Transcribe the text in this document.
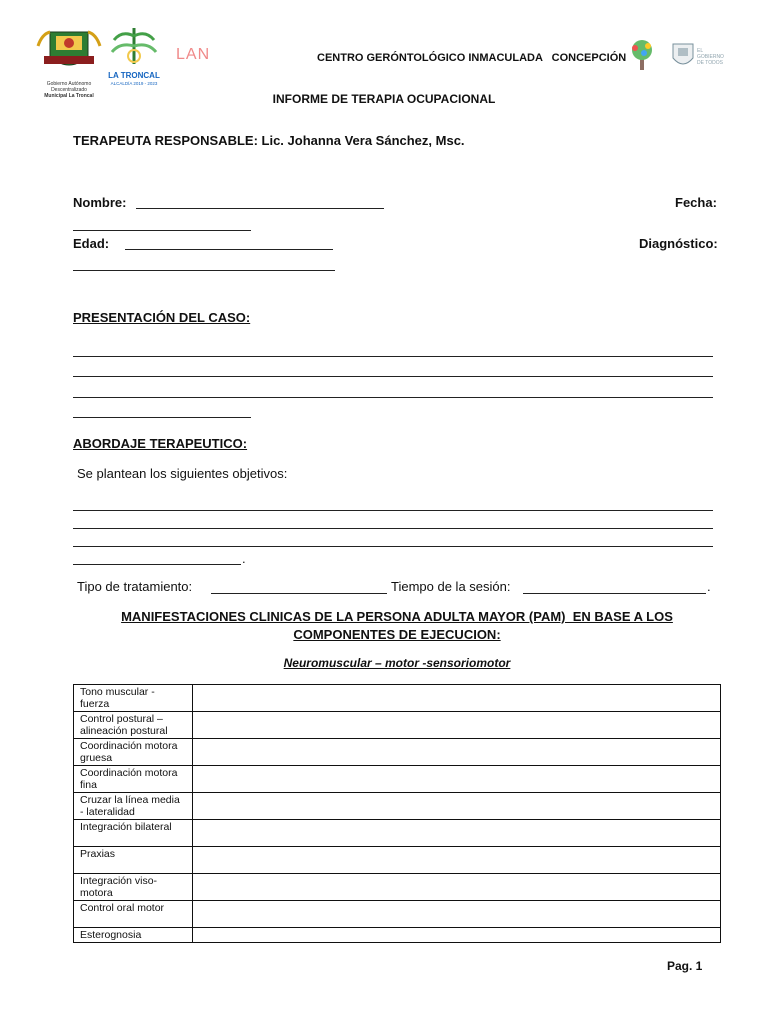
Gobierno Autónomo Descentralizado
Municipal La Troncal
LA TRONCAL
ALCALDÍA 2019 - 2023
LAN	CENTRO GERÓNTOLÓGICO INMACULADA   CONCEPCIÓN
EL GOBIERNO DE TODOS
INFORME DE TERAPIA OCUPACIONAL
TERAPEUTA RESPONSABLE: Lic. Johanna Vera Sánchez, Msc.
Nombre:	Fecha:
Edad:	Diagnóstico:
PRESENTACIÓN DEL CASO:
ABORDAJE TERAPEUTICO:
Se plantean los siguientes objetivos:
.
Tipo de tratamiento:	Tiempo de la sesión:	.
MANIFESTACIONES CLINICAS DE LA PERSONA ADULTA MAYOR (PAM)  EN BASE A LOS
COMPONENTES DE EJECUCION:
Neuromuscular – motor -sensoriomotor
Tono muscular -
fuerza	

Control postural –
alineación postural	

Coordinación motora
gruesa	

Coordinación motora
fina	

Cruzar la línea media
- lateralidad	

Integración bilateral	

Praxias	

Integración viso-
motora	

Control oral motor	

Esterognosia	

Pag. 1
